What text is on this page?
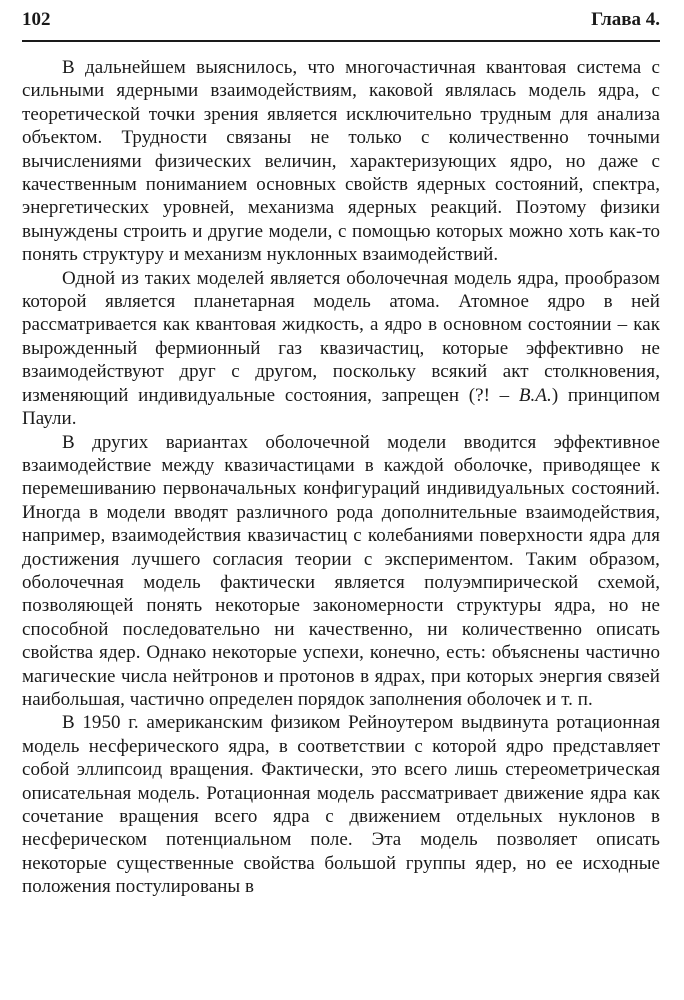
102	Глава 4.

В дальнейшем выяснилось, что многочастичная квантовая система с сильными ядерными взаимодействиям, каковой являлась модель ядра, с теоретической точки зрения является исключительно трудным для анализа объектом. Трудности связаны не только с количественно точными вычислениями физических величин, характеризующих ядро, но даже с качественным пониманием основных свойств ядерных состояний, спектра, энергетических уровней, механизма ядерных реакций. Поэтому физики вынуждены строить и другие модели, с помощью которых можно хоть как-то понять структуру и механизм нуклонных взаимодействий.

Одной из таких моделей является оболочечная модель ядра, прообразом которой является планетарная модель атома. Атомное ядро в ней рассматривается как квантовая жидкость, а ядро в основном состоянии – как вырожденный фермионный газ квазичастиц, которые эффективно не взаимодействуют друг с другом, поскольку всякий акт столкновения, изменяющий индивидуальные состояния, запрещен (?! – В.А.) принципом Паули.

В других вариантах оболочечной модели вводится эффективное взаимодействие между квазичастицами в каждой оболочке, приводящее к перемешиванию первоначальных конфигураций индивидуальных состояний. Иногда в модели вводят различного рода дополнительные взаимодействия, например, взаимодействия квазичастиц с колебаниями поверхности ядра для достижения лучшего согласия теории с экспериментом. Таким образом, оболочечная модель фактически является полуэмпирической схемой, позволяющей понять некоторые закономерности структуры ядра, но не способной последовательно ни качественно, ни количественно описать свойства ядер. Однако некоторые успехи, конечно, есть: объяснены частично магические числа нейтронов и протонов в ядрах, при которых энергия связей наибольшая, частично определен порядок заполнения оболочек и т. п.

В 1950 г. американским физиком Рейноутером выдвинута ротационная модель несферического ядра, в соответствии с которой ядро представляет собой эллипсоид вращения. Фактически, это всего лишь стереометрическая описательная модель. Ротационная модель рассматривает движение ядра как сочетание вращения всего ядра с движением отдельных нуклонов в несферическом потенциальном поле. Эта модель позволяет описать некоторые существенные свойства большой группы ядер, но ее исходные положения постулированы в
